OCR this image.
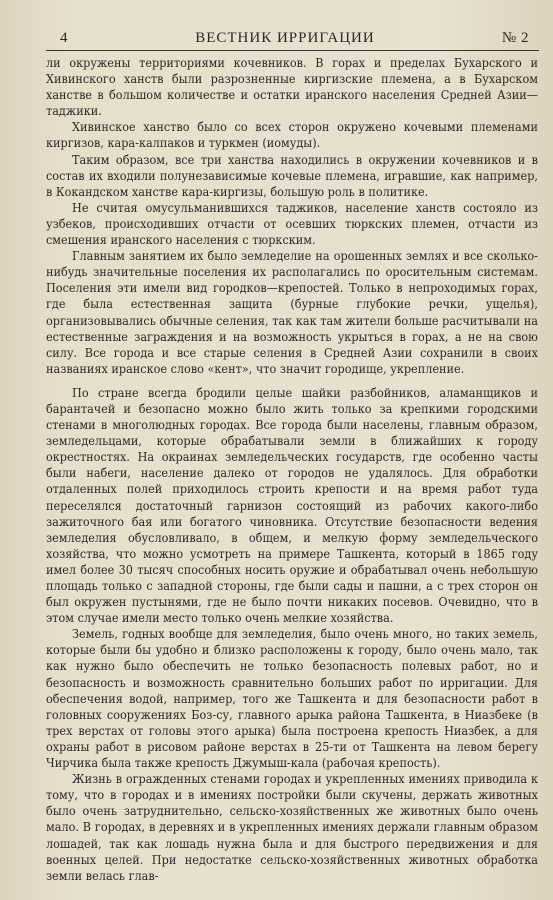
4	ВЕСТНИК ИРРИГАЦИИ	№ 2

ли окружены территориями кочевников. В горах и пределах Бухарского и Хивинского ханств были разрозненные киргизские племена, а в Бухарском ханстве в большом количестве и остатки иранского населения Средней Азии—таджики.

Хивинское ханство было со всех сторон окружено кочевыми племенами киргизов, кара-калпаков и туркмен (иомуды).

Таким образом, все три ханства находились в окружении кочевников и в состав их входили полунезависимые кочевые племена, игравшие, как например, в Кокандском ханстве кара-киргизы, большую роль в политике.

Не считая омусульманившихся таджиков, население ханств состояло из узбеков, происходивших отчасти от осевших тюркских племен, отчасти из смешения иранского населения с тюркским.

Главным занятием их было земледелие на орошенных землях и все сколько-нибудь значительные поселения их располагались по оросительным системам. Поселения эти имели вид городков—крепостей. Только в непроходимых горах, где была естественная защита (бурные глубокие речки, ущелья), организовывались обычные селения, так как там жители больше расчитывали на естественные заграждения и на возможность укрыться в горах, а не на свою силу. Все города и все старые селения в Средней Азии сохранили в своих названиях иранское слово «кент», что значит городище, укрепление.

По стране всегда бродили целые шайки разбойников, аламанщиков и барантачей и безопасно можно было жить только за крепкими городскими стенами в многолюдных городах. Все города были населены, главным образом, земледельцами, которые обрабатывали земли в ближайших к городу окрестностях. На окраинах земледельческих государств, где особенно часты были набеги, население далеко от городов не удалялось. Для обработки отдаленных полей приходилось строить крепости и на время работ туда переселялся достаточный гарнизон состоящий из рабочих какого-либо зажиточного бая или богатого чиновника. Отсутствие безопасности ведения земледелия обусловливало, в общем, и мелкую форму земледельческого хозяйства, что можно усмотреть на примере Ташкента, который в 1865 году имел более 30 тысяч способных носить оружие и обрабатывал очень небольшую площадь только с западной стороны, где были сады и пашни, а с трех сторон он был окружен пустынями, где не было почти никаких посевов. Очевидно, что в этом случае имели место только очень мелкие хозяйства.

Земель, годных вообще для земледелия, было очень много, но таких земель, которые были бы удобно и близко расположены к городу, было очень мало, так как нужно было обеспечить не только безопасность полевых работ, но и безопасность и возможность сравнительно больших работ по ирригации. Для обеспечения водой, например, того же Ташкента и для безопасности работ в головных сооружениях Боз-су, главного арыка района Ташкента, в Ниазбеке (в трех верстах от головы этого арыка) была построена крепость Ниазбек, а для охраны работ в рисовом районе верстах в 25-ти от Ташкента на левом берегу Чирчика была также крепость Джумыш-кала (рабочая крепость).

Жизнь в огражденных стенами городах и укрепленных имениях приводила к тому, что в городах и в имениях постройки были скучены, держать животных было очень затруднительно, сельско-хозяйственных же животных было очень мало. В городах, в деревнях и в укрепленных имениях держали главным образом лошадей, так как лошадь нужна была и для быстрого передвижения и для военных целей. При недостатке сельско-хозяйственных животных обработка земли велась глав-
